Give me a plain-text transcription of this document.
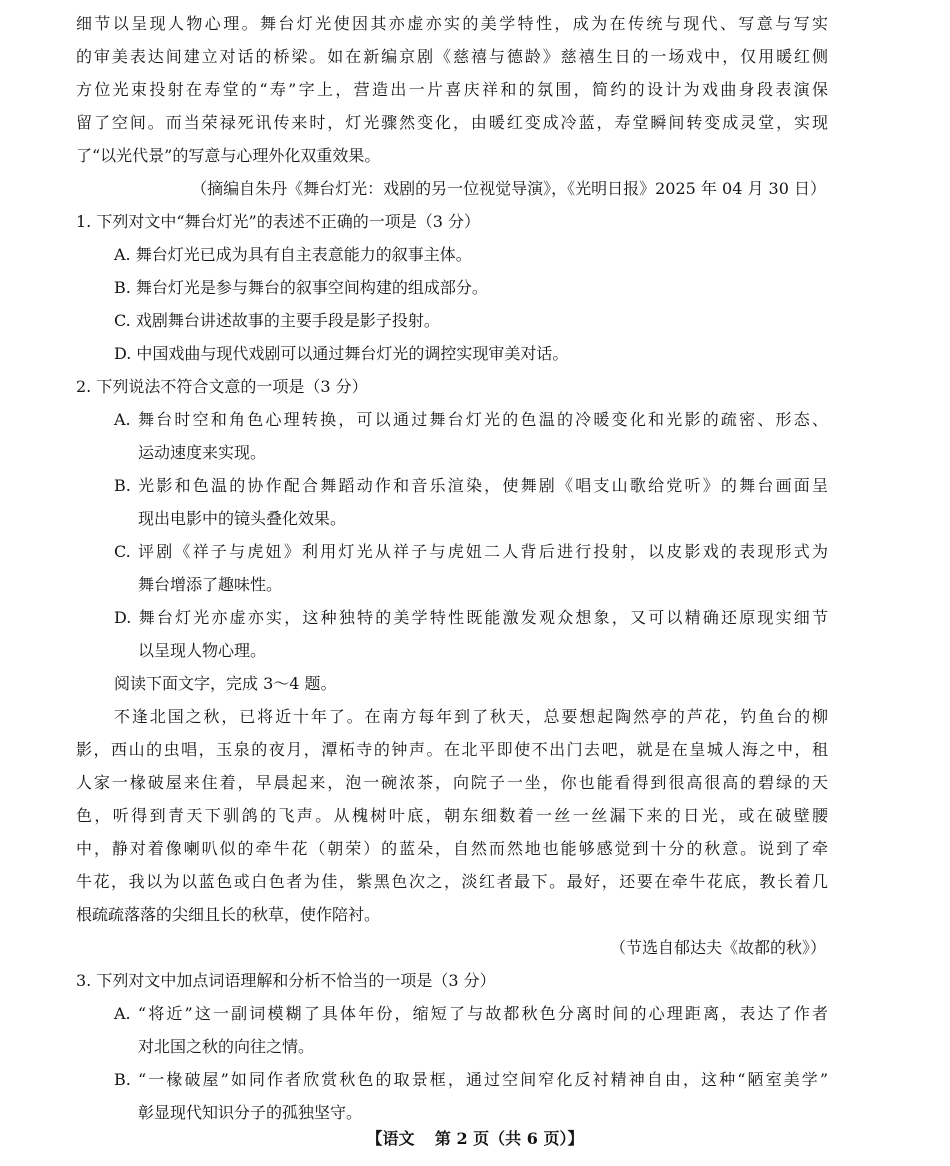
细节以呈现人物心理。舞台灯光使因其亦虚亦实的美学特性，成为在传统与现代、写意与写实
的审美表达间建立对话的桥梁。如在新编京剧《慈禧与德龄》慈禧生日的一场戏中，仅用暖红侧
方位光束投射在寿堂的“寿”字上，营造出一片喜庆祥和的氛围，简约的设计为戏曲身段表演保
留了空间。而当荣禄死讯传来时，灯光骤然变化，由暖红变成冷蓝，寿堂瞬间转变成灵堂，实现
了“以光代景”的写意与心理外化双重效果。
（摘编自朱丹《舞台灯光：戏剧的另一位视觉导演》，《光明日报》2025 年 04 月 30 日）
1. 下列对文中“舞台灯光”的表述不正确的一项是（3 分）
A. 舞台灯光已成为具有自主表意能力的叙事主体。
B. 舞台灯光是参与舞台的叙事空间构建的组成部分。
C. 戏剧舞台讲述故事的主要手段是影子投射。
D. 中国戏曲与现代戏剧可以通过舞台灯光的调控实现审美对话。
2. 下列说法不符合文意的一项是（3 分）
A. 舞台时空和角色心理转换，可以通过舞台灯光的色温的冷暖变化和光影的疏密、形态、
运动速度来实现。
B. 光影和色温的协作配合舞蹈动作和音乐渲染，使舞剧《唱支山歌给党听》的舞台画面呈
现出电影中的镜头叠化效果。
C. 评剧《祥子与虎妞》利用灯光从祥子与虎妞二人背后进行投射，以皮影戏的表现形式为
舞台增添了趣味性。
D. 舞台灯光亦虚亦实，这种独特的美学特性既能激发观众想象，又可以精确还原现实细节
以呈现人物心理。
阅读下面文字，完成 3～4 题。
不逢北国之秋，已将近十年了。在南方每年到了秋天，总要想起陶然亭的芦花，钓鱼台的柳
影，西山的虫唱，玉泉的夜月，潭柘寺的钟声。在北平即使不出门去吧，就是在皇城人海之中，租
人家一椽破屋来住着，早晨起来，泡一碗浓茶，向院子一坐，你也能看得到很高很高的碧绿的天
色，听得到青天下驯鸽的飞声。从槐树叶底，朝东细数着一丝一丝漏下来的日光，或在破壁腰
中，静对着像喇叭似的牵牛花（朝荣）的蓝朵，自然而然地也能够感觉到十分的秋意。说到了牵
牛花，我以为以蓝色或白色者为佳，紫黑色次之，淡红者最下。最好，还要在牵牛花底，教长着几
根疏疏落落的尖细且长的秋草，使作陪衬。
（节选自郁达夫《故都的秋》）
3. 下列对文中加点词语理解和分析不恰当的一项是（3 分）
A. “将近”这一副词模糊了具体年份，缩短了与故都秋色分离时间的心理距离，表达了作者
对北国之秋的向往之情。
B. “一椽破屋”如同作者欣赏秋色的取景框，通过空间窄化反衬精神自由，这种“陋室美学”
彰显现代知识分子的孤独坚守。
【语文 第 2 页（共 6 页）】
